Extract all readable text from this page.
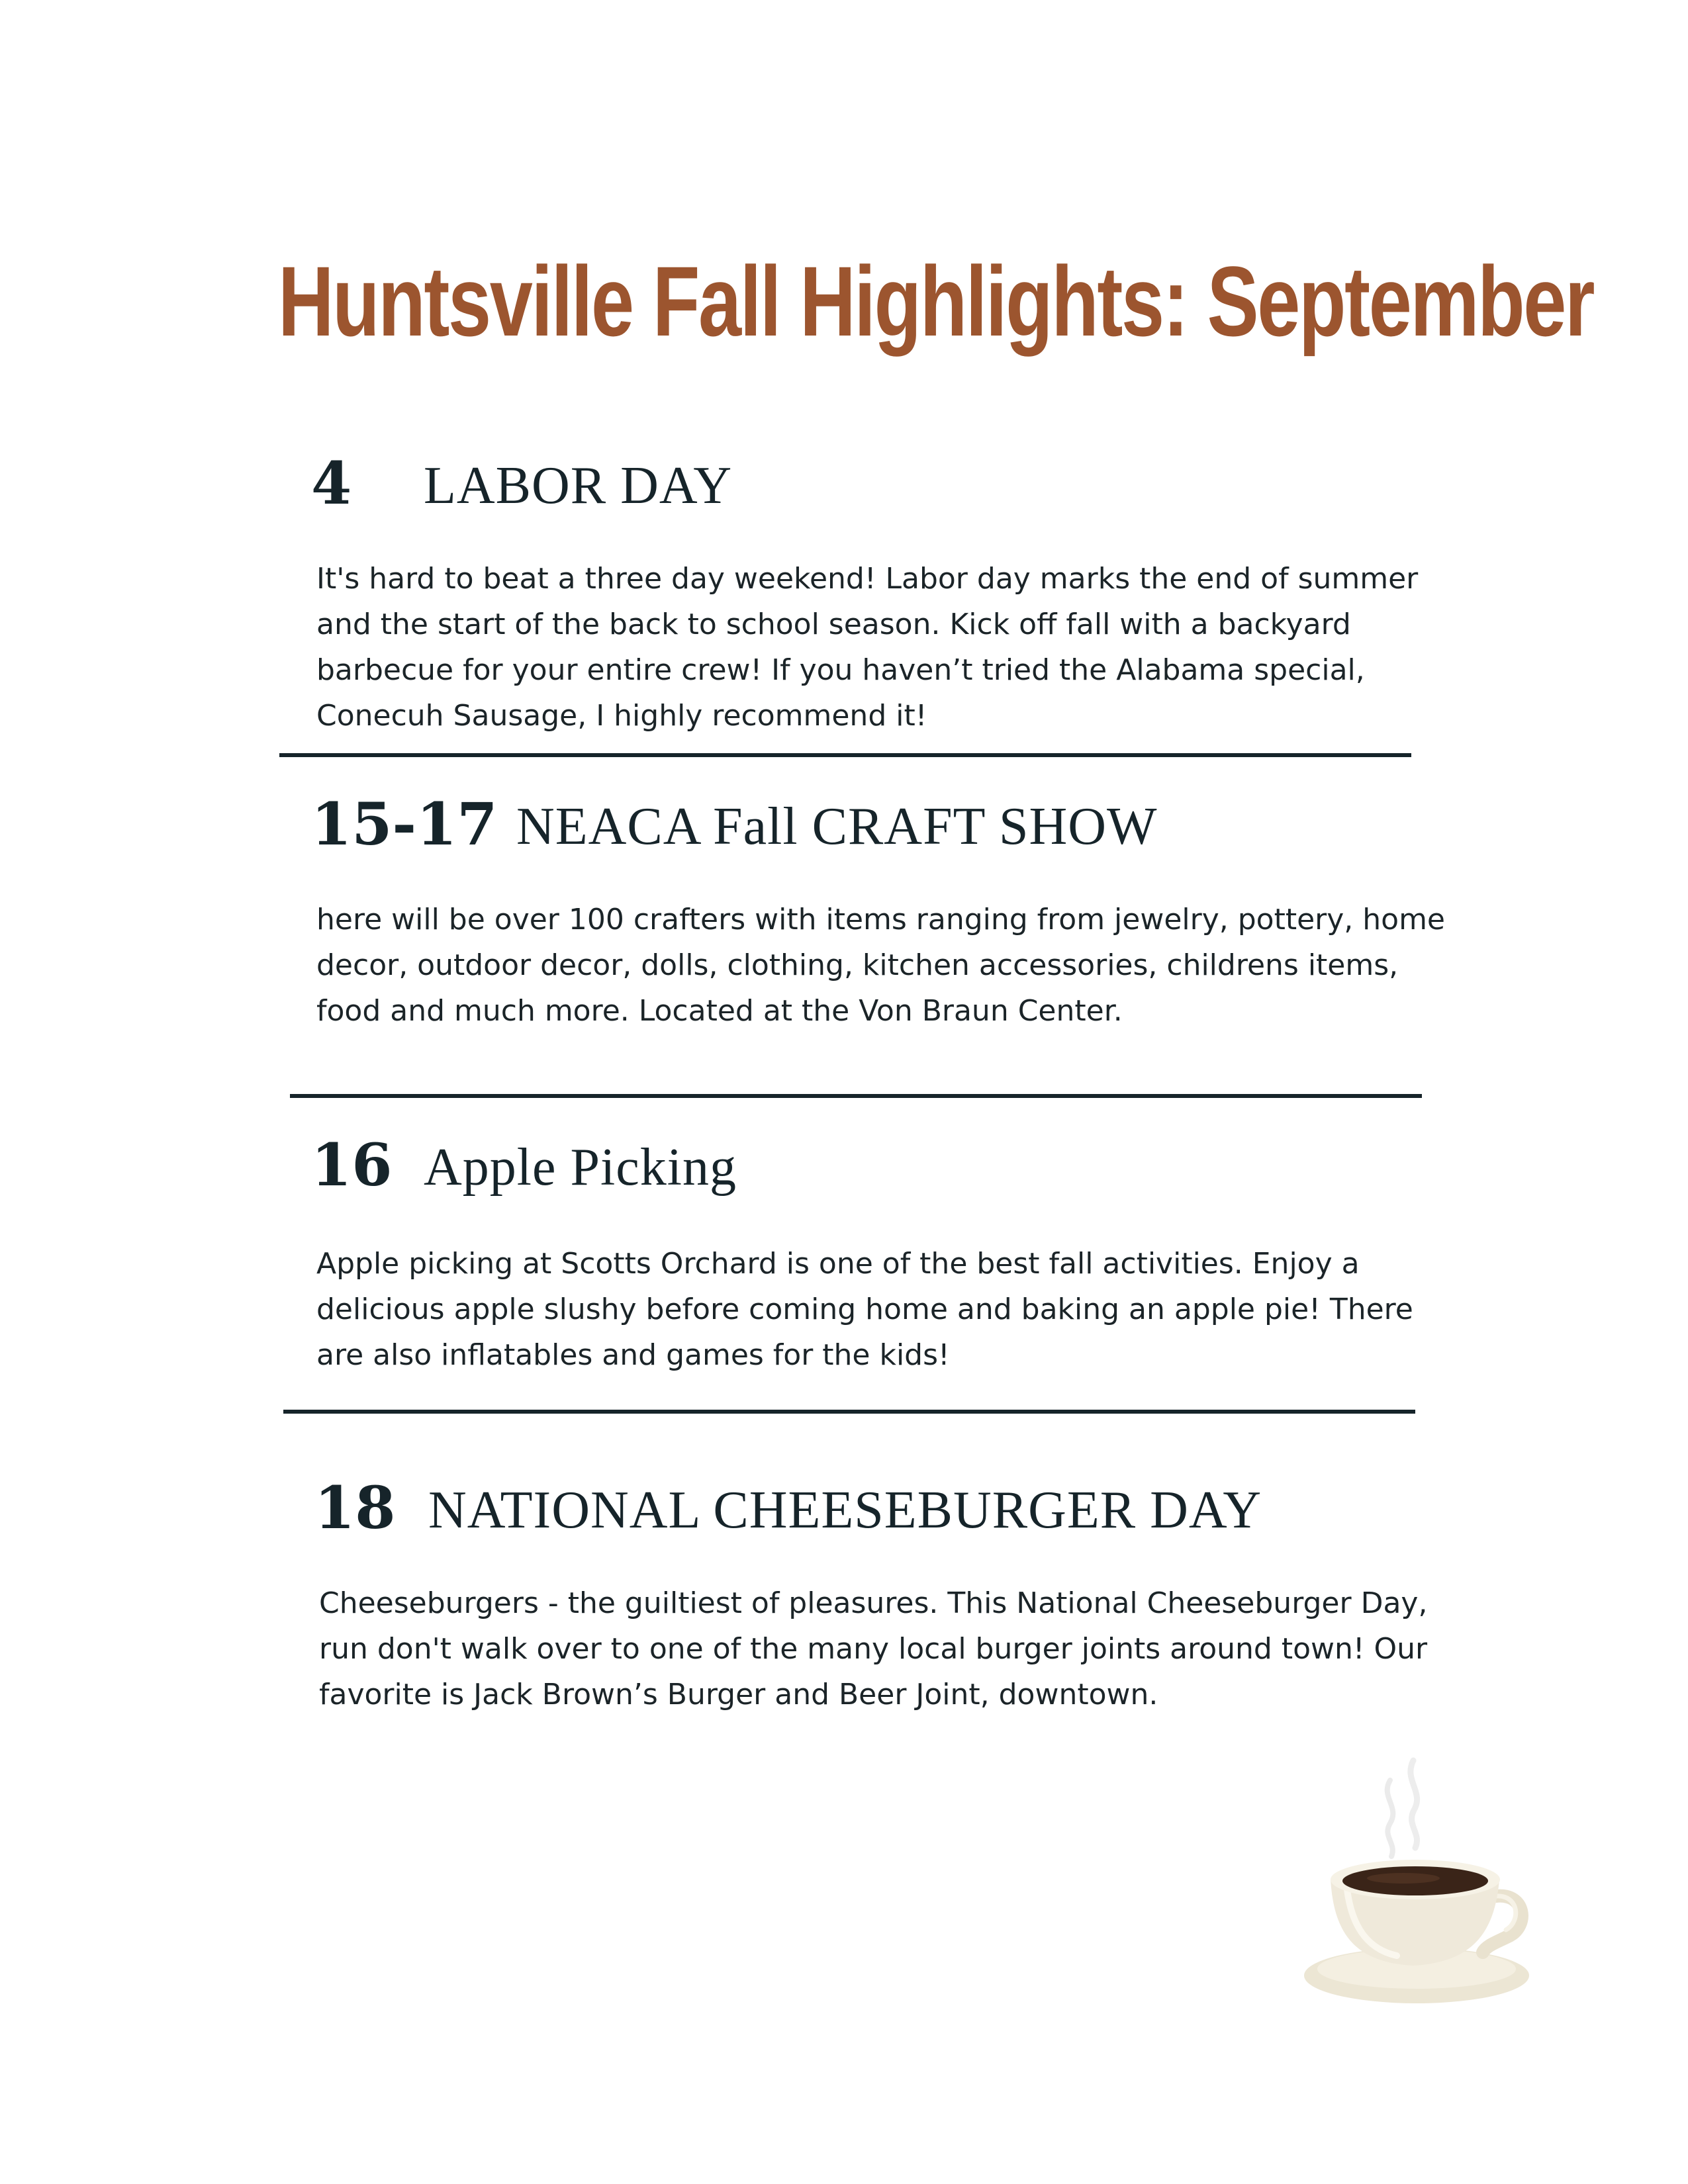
Huntsville Fall Highlights: September
4 LABOR DAY

It's hard to beat a three day weekend! Labor day marks the end of summer and the start of the back to school season. Kick off fall with a backyard barbecue for your entire crew! If you haven’t tried the Alabama special, Conecuh Sausage, I highly recommend it!

15-17 NEACA Fall CRAFT SHOW

here will be over 100 crafters with items ranging from jewelry, pottery, home decor, outdoor decor, dolls, clothing, kitchen accessories, childrens items, food and much more. Located at the Von Braun Center.

16 Apple Picking

Apple picking at Scotts Orchard is one of the best fall activities. Enjoy a delicious apple slushy before coming home and baking an apple pie! There are also inflatables and games for the kids!

18 NATIONAL CHEESEBURGER DAY

Cheeseburgers - the guiltiest of pleasures. This National Cheeseburger Day, run don't walk over to one of the many local burger joints around town! Our favorite is Jack Brown’s Burger and Beer Joint, downtown.
